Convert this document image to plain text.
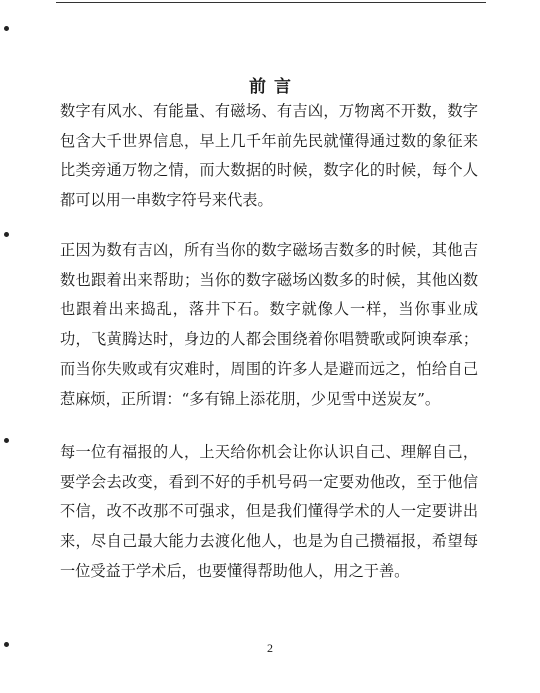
前言

数字有风水、有能量、有磁场、有吉凶，万物离不开数，数字包含大千世界信息，早上几千年前先民就懂得通过数的象征来比类旁通万物之情，而大数据的时候，数字化的时候，每个人都可以用一串数字符号来代表。

正因为数有吉凶，所有当你的数字磁场吉数多的时候，其他吉数也跟着出来帮助；当你的数字磁场凶数多的时候，其他凶数也跟着出来捣乱，落井下石。数字就像人一样，当你事业成功，飞黄腾达时，身边的人都会围绕着你唱赞歌或阿谀奉承；而当你失败或有灾难时，周围的许多人是避而远之，怕给自己惹麻烦，正所谓：“多有锦上添花朋，少见雪中送炭友”。

每一位有福报的人，上天给你机会让你认识自己、理解自己，要学会去改变，看到不好的手机号码一定要劝他改，至于他信不信，改不改那不可强求，但是我们懂得学术的人一定要讲出来，尽自己最大能力去渡化他人，也是为自己攒福报，希望每一位受益于学术后，也要懂得帮助他人，用之于善。

2
